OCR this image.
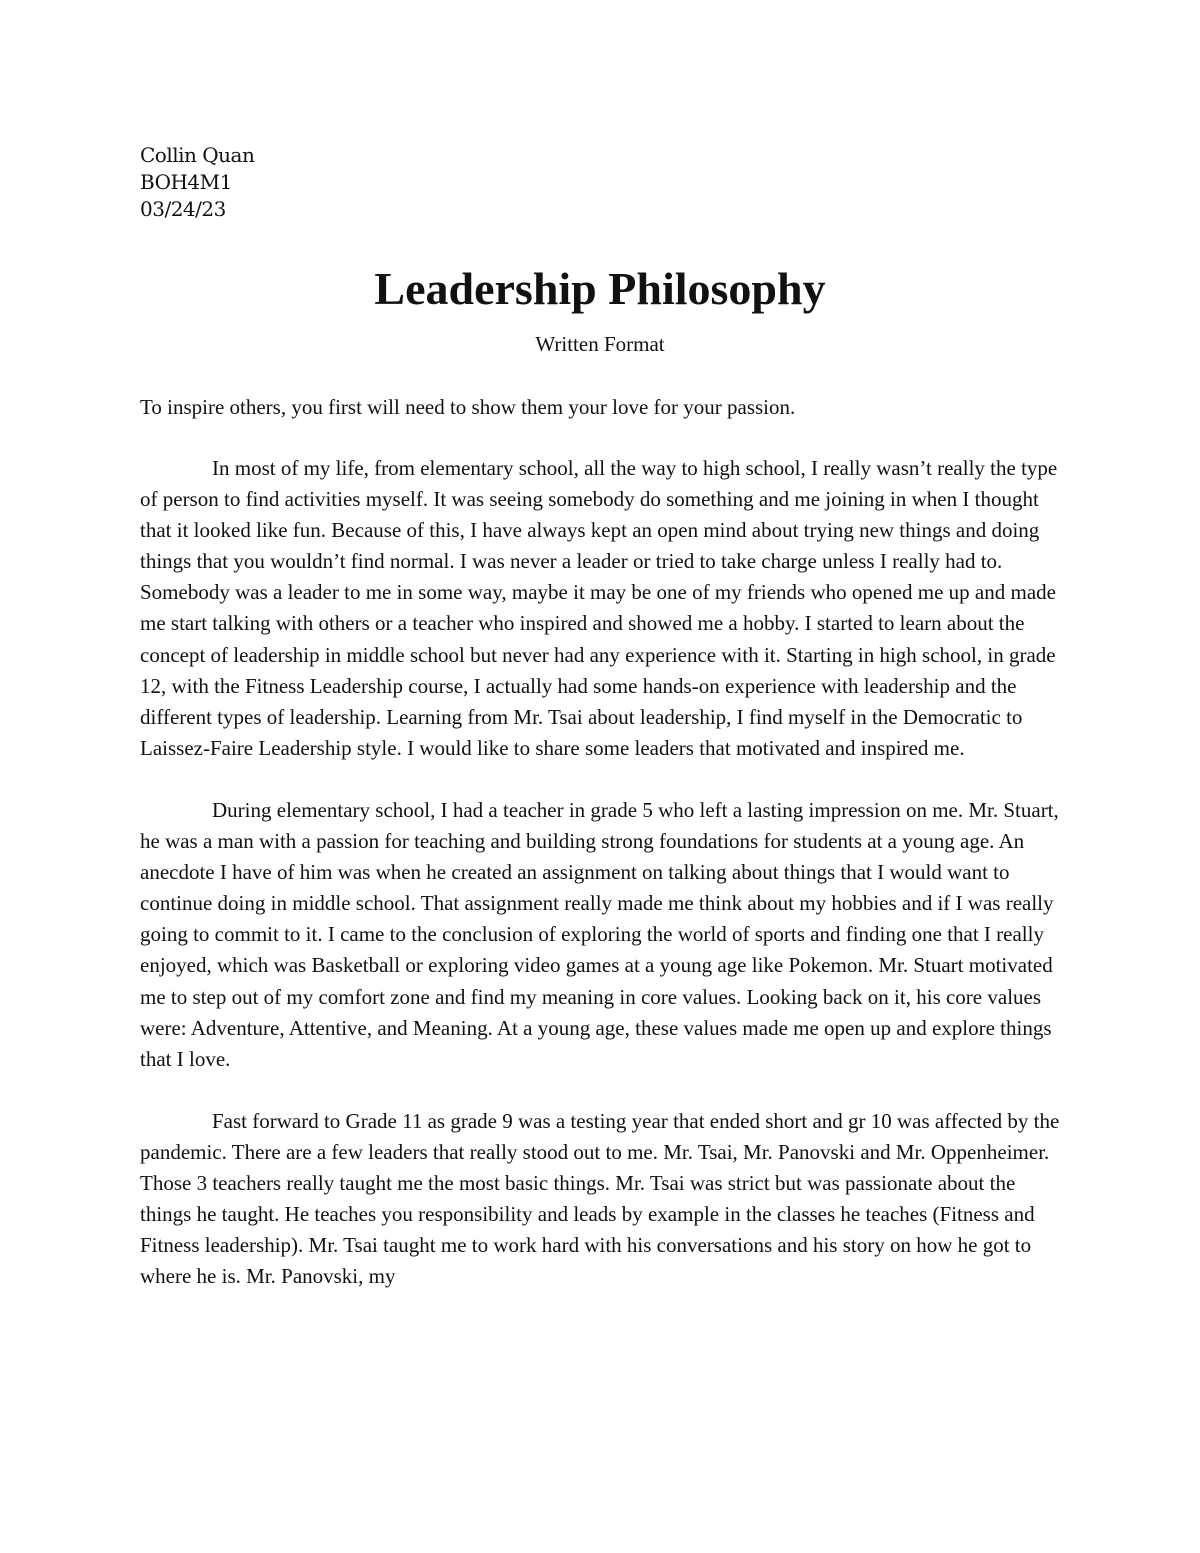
Collin Quan
BOH4M1
03/24/23
Leadership Philosophy
Written Format

To inspire others, you first will need to show them your love for your passion.

In most of my life, from elementary school, all the way to high school, I really wasn’t really the type of person to find activities myself. It was seeing somebody do something and me joining in when I thought that it looked like fun. Because of this, I have always kept an open mind about trying new things and doing things that you wouldn’t find normal. I was never a leader or tried to take charge unless I really had to. Somebody was a leader to me in some way, maybe it may be one of my friends who opened me up and made me start talking with others or a teacher who inspired and showed me a hobby. I started to learn about the concept of leadership in middle school but never had any experience with it. Starting in high school, in grade 12, with the Fitness Leadership course, I actually had some hands-on experience with leadership and the different types of leadership. Learning from Mr. Tsai about leadership, I find myself in the Democratic to Laissez-Faire Leadership style. I would like to share some leaders that motivated and inspired me.

During elementary school, I had a teacher in grade 5 who left a lasting impression on me. Mr. Stuart, he was a man with a passion for teaching and building strong foundations for students at a young age. An anecdote I have of him was when he created an assignment on talking about things that I would want to continue doing in middle school. That assignment really made me think about my hobbies and if I was really going to commit to it. I came to the conclusion of exploring the world of sports and finding one that I really enjoyed, which was Basketball or exploring video games at a young age like Pokemon. Mr. Stuart motivated me to step out of my comfort zone and find my meaning in core values. Looking back on it, his core values were: Adventure, Attentive, and Meaning. At a young age, these values made me open up and explore things that I love.

Fast forward to Grade 11 as grade 9 was a testing year that ended short and gr 10 was affected by the pandemic. There are a few leaders that really stood out to me. Mr. Tsai, Mr. Panovski and Mr. Oppenheimer. Those 3 teachers really taught me the most basic things. Mr. Tsai was strict but was passionate about the things he taught. He teaches you responsibility and leads by example in the classes he teaches (Fitness and Fitness leadership). Mr. Tsai taught me to work hard with his conversations and his story on how he got to where he is. Mr. Panovski, my
